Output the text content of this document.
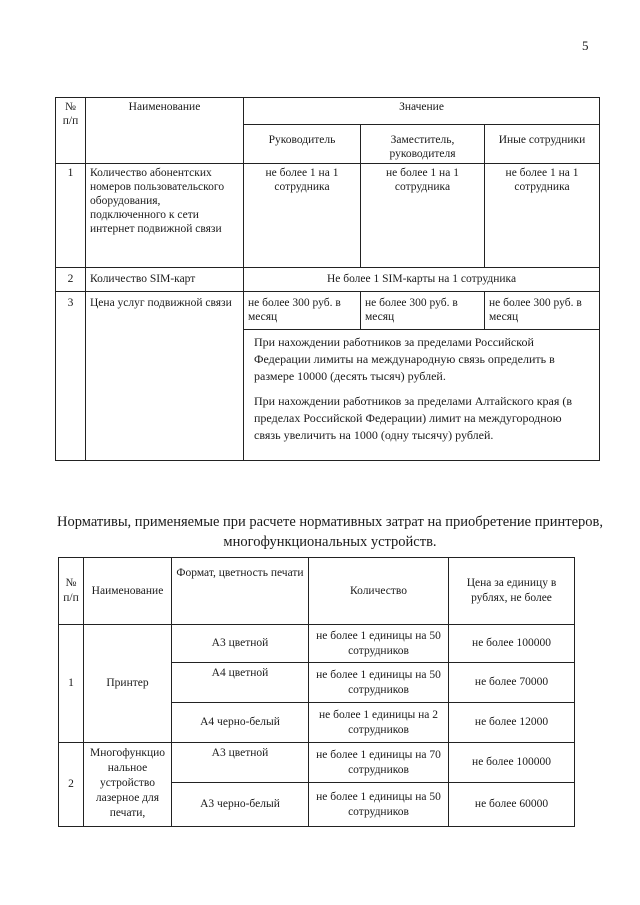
5
№ п/п	Наименование	Значение		
		Руководитель	Заместитель, руководителя	Иные сотрудники
1	Количество абонентских номеров пользовательского оборудования, подключенного к сети интернет подвижной связи	не более 1 на 1 сотрудника	не более 1 на 1 сотрудника	не более 1 на 1 сотрудника
2	Количество SIM-карт	Не более 1 SIM-карты на 1 сотрудника		
3	Цена услуг подвижной связи	не более 300 руб. в месяц	не более 300 руб. в месяц	не более 300 руб. в месяц

		При нахождении работников за пределами Российской Федерации лимиты на международную связь определить в размере 10000 (десять тысяч) рублей.

При нахождении работников за пределами Алтайского края (в пределах Российской Федерации) лимит на междугородною связь увеличить на 1000 (одну тысячу) рублей.		

Нормативы, применяемые при расчете нормативных затрат на приобретение принтеров, многофункциональных устройств.
№ п/п	Наименование	Формат, цветность печати	Количество	Цена за единицу в рублях, не более
1	Принтер	А3 цветной	не более 1 единицы на 50 сотрудников	не более 100000
		А4 цветной	не более 1 единицы на 50 сотрудников	не более 70000
		А4 черно-белый	не более 1 единицы на 2 сотрудников	не более 12000
2	Многофункцио нальное устройство лазерное для печати,	А3 цветной	не более 1 единицы на 70 сотрудников	не более 100000
		А3 черно-белый	не более 1 единицы на 50 сотрудников	не более 60000
